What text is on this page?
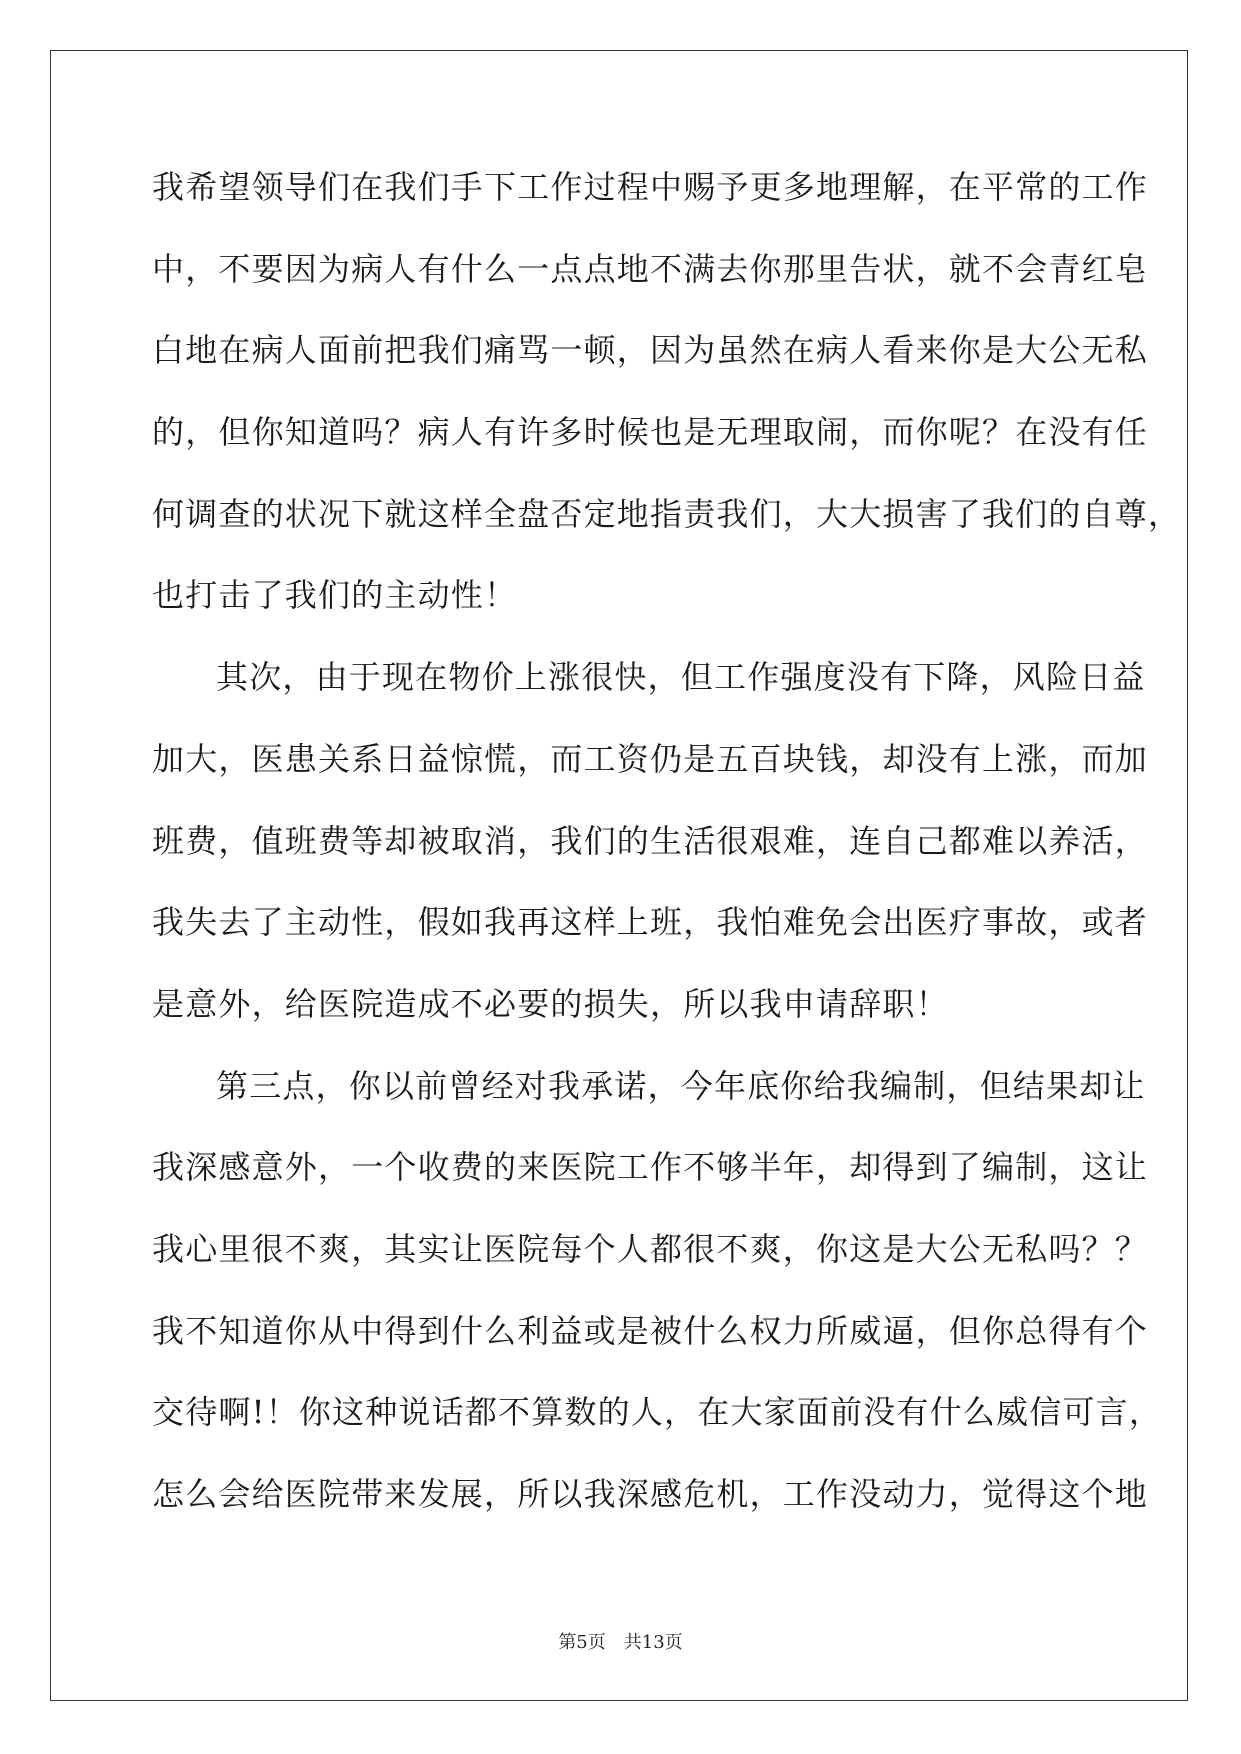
我希望领导们在我们手下工作过程中赐予更多地理解，在平常的工作
中，不要因为病人有什么一点点地不满去你那里告状，就不会青红皂
白地在病人面前把我们痛骂一顿，因为虽然在病人看来你是大公无私
的，但你知道吗？病人有许多时候也是无理取闹，而你呢？在没有任
何调查的状况下就这样全盘否定地指责我们，大大损害了我们的自尊，
也打击了我们的主动性！
其次，由于现在物价上涨很快，但工作强度没有下降，风险日益
加大，医患关系日益惊慌，而工资仍是五百块钱，却没有上涨，而加
班费，值班费等却被取消，我们的生活很艰难，连自己都难以养活，
我失去了主动性，假如我再这样上班，我怕难免会出医疗事故，或者
是意外，给医院造成不必要的损失，所以我申请辞职！
第三点，你以前曾经对我承诺，今年底你给我编制，但结果却让
我深感意外，一个收费的来医院工作不够半年，却得到了编制，这让
我心里很不爽，其实让医院每个人都很不爽，你这是大公无私吗？？
我不知道你从中得到什么利益或是被什么权力所威逼，但你总得有个
交待啊!！你这种说话都不算数的人，在大家面前没有什么威信可言，
怎么会给医院带来发展，所以我深感危机，工作没动力，觉得这个地
第5页 共13页
